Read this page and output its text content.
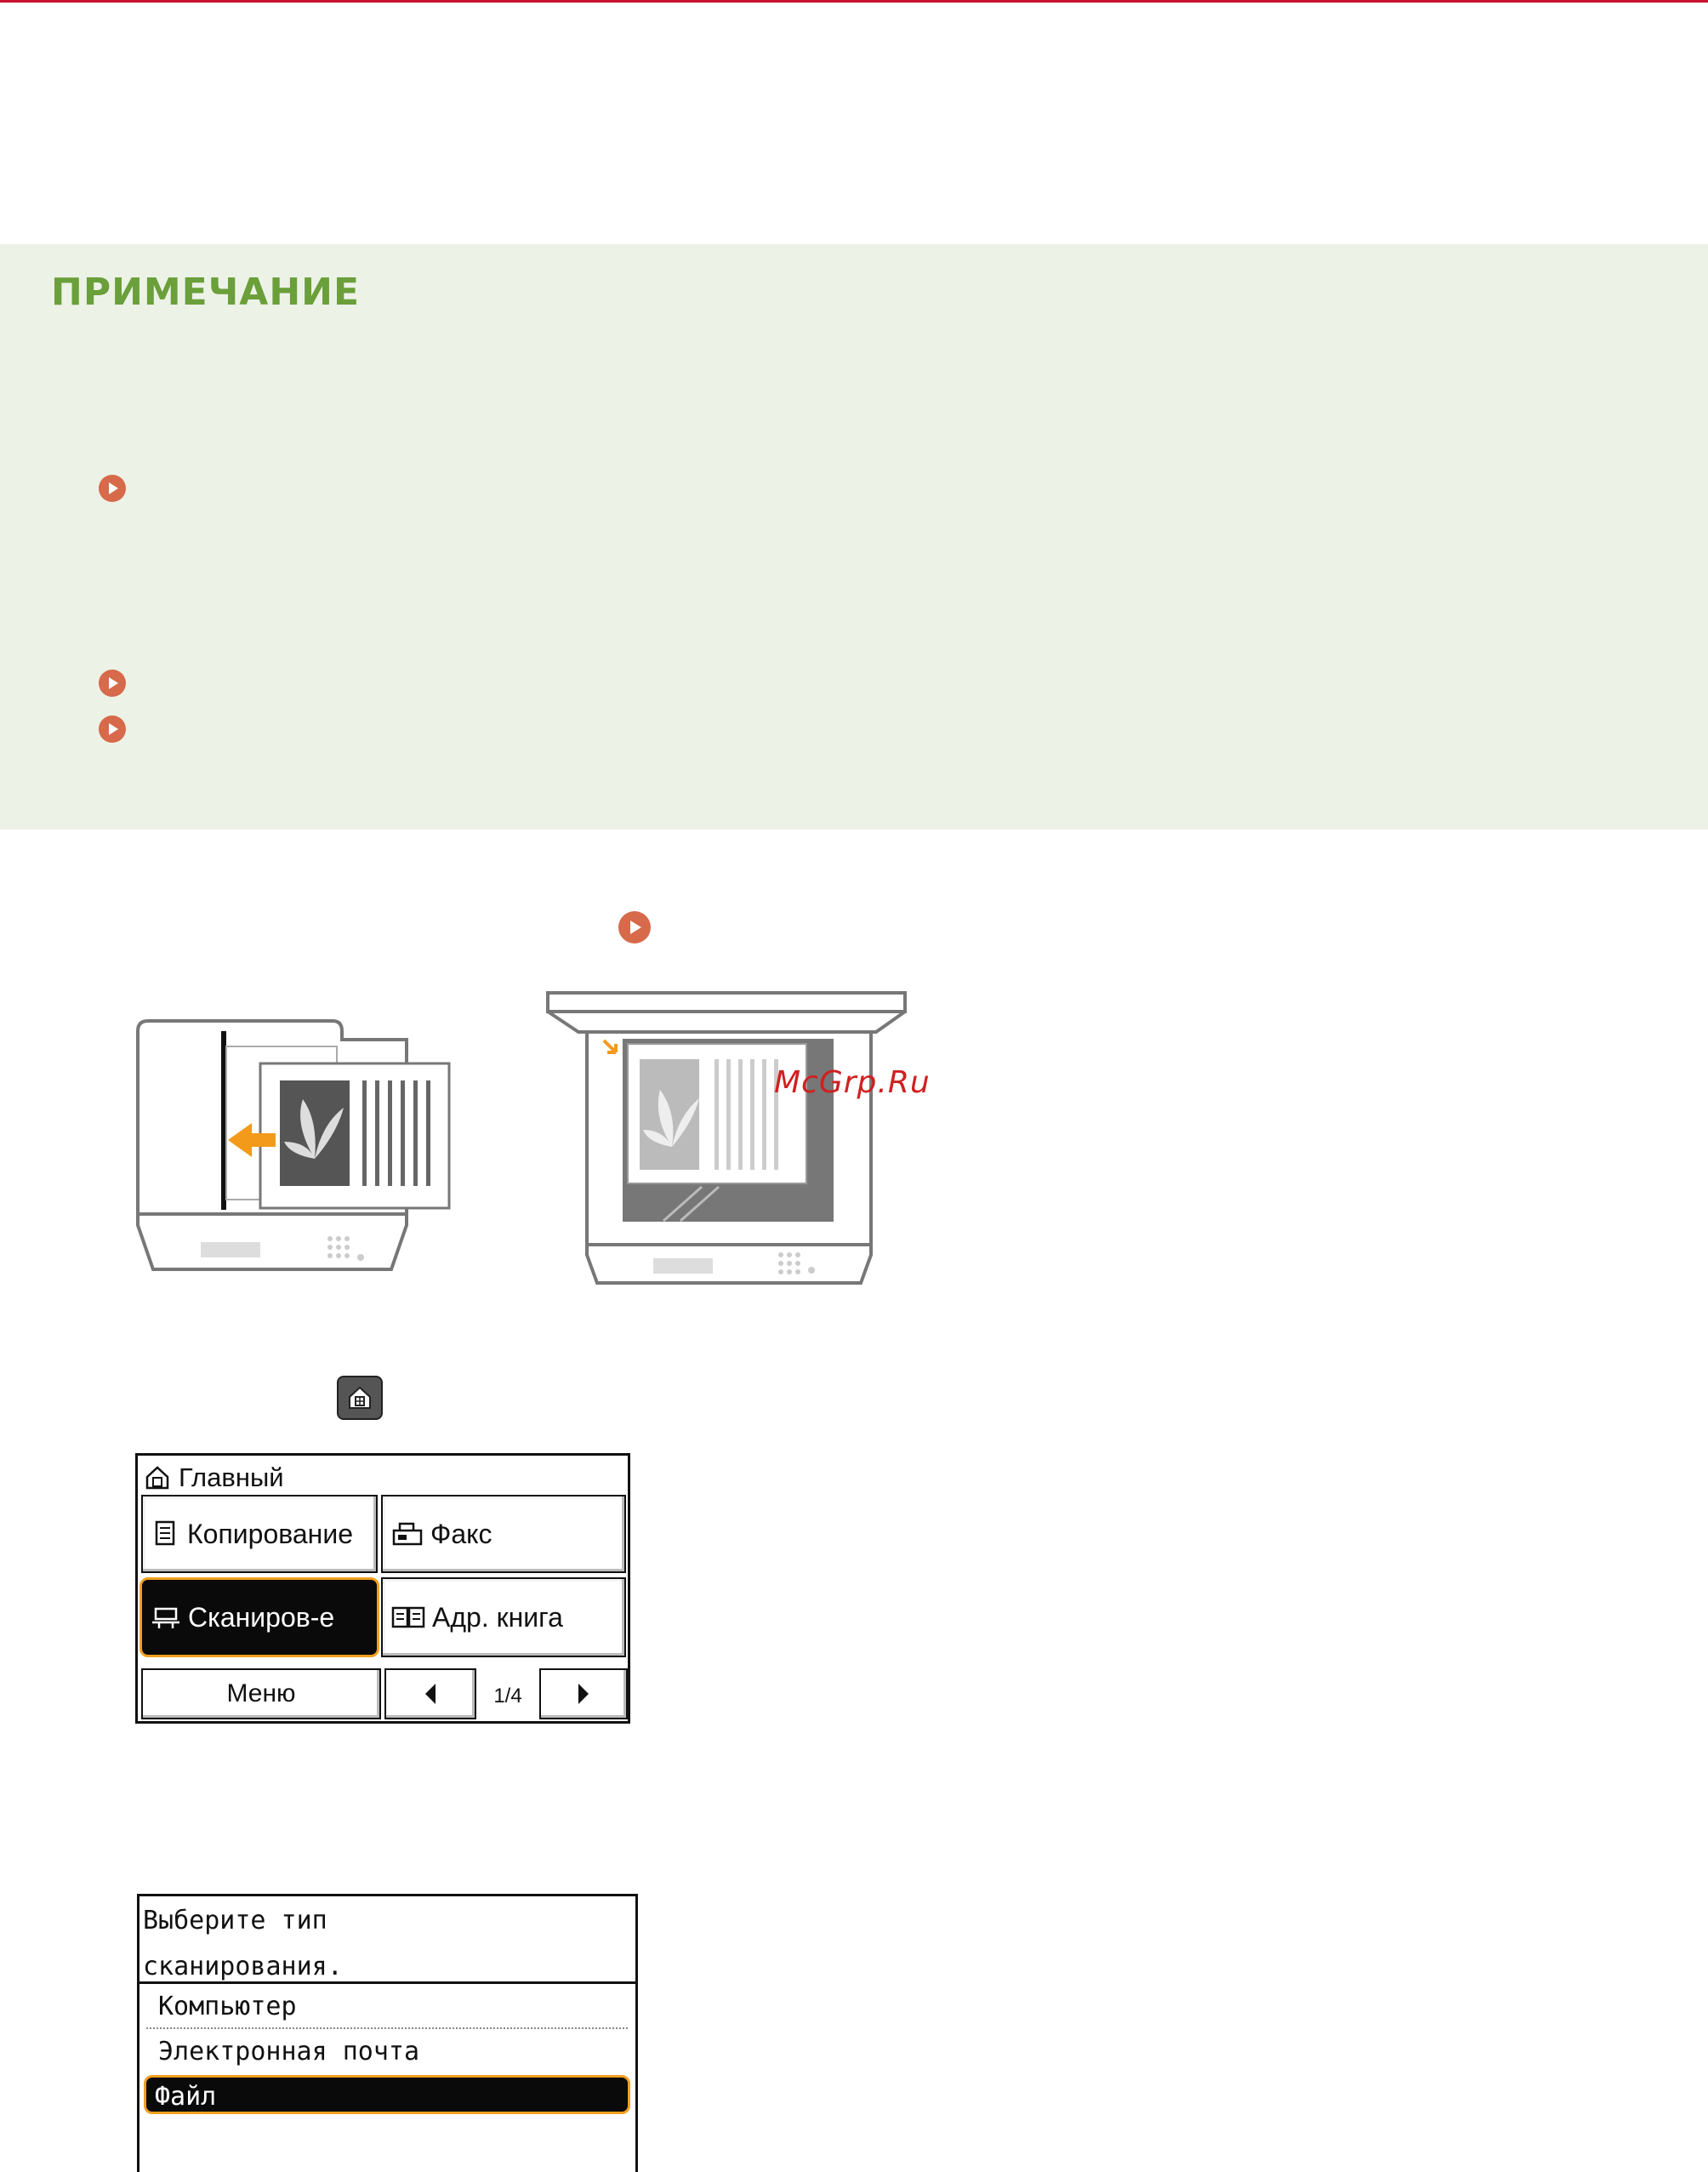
ПРИМЕЧАНИЕ
McGrp.Ru
Главный
Копирование	Факс
Сканиров-е	Адр. книга
Меню	1/4
Выберите тип
сканирования.
Компьютер
Электронная почта
Файл
